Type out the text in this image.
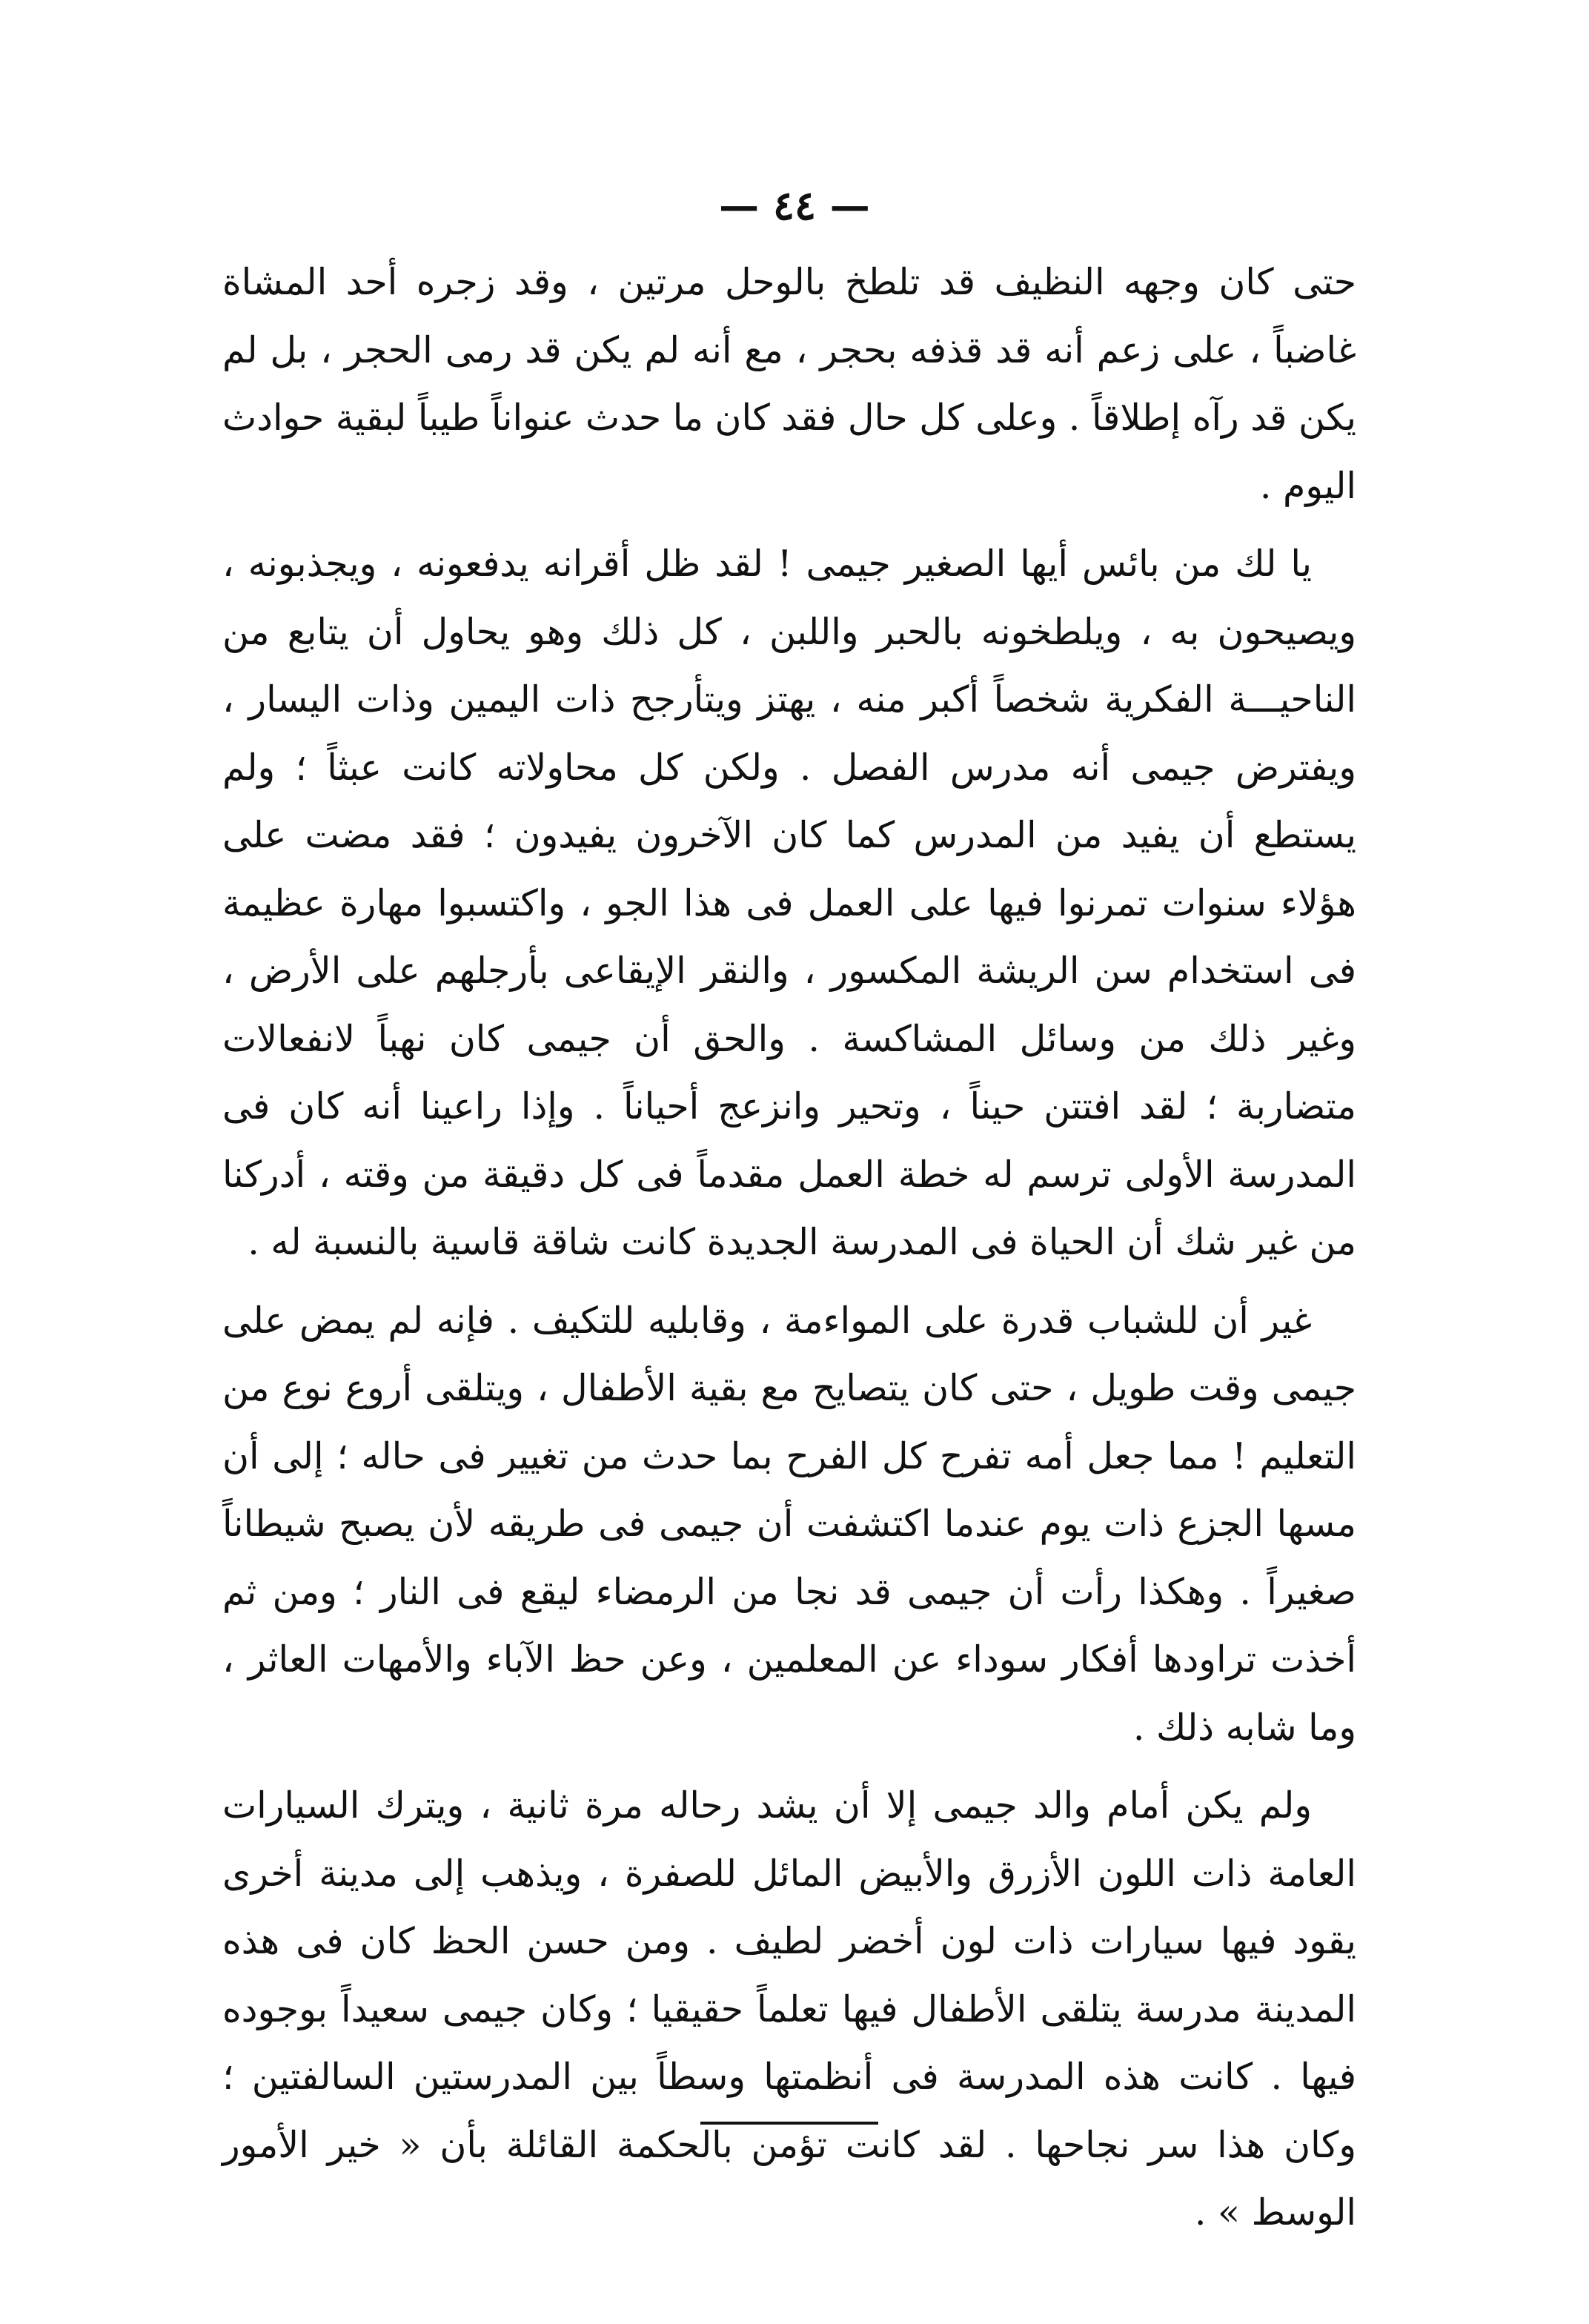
— ٤٤ —

حتى كان وجهه النظيف قد تلطخ بالوحل مرتين ، وقد زجره أحد المشاة غاضباً ، على زعم أنه قد قذفه بحجر ، مع أنه لم يكن قد رمى الحجر ، بل لم يكن قد رآه إطلاقاً . وعلى كل حال فقد كان ما حدث عنواناً طيباً لبقية حوادث اليوم .

يا لك من بائس أيها الصغير جيمى ! لقد ظل أقرانه يدفعونه ، ويجذبونه ، ويصيحون به ، ويلطخونه بالحبر واللبن ، كل ذلك وهو يحاول أن يتابع من الناحيـــة الفكرية شخصاً أكبر منه ، يهتز ويتأرجح ذات اليمين وذات اليسار ، ويفترض جيمى أنه مدرس الفصل . ولكن كل محاولاته كانت عبثاً ؛ ولم يستطع أن يفيد من المدرس كما كان الآخرون يفيدون ؛ فقد مضت على هؤلاء سنوات تمرنوا فيها على العمل فى هذا الجو ، واكتسبوا مهارة عظيمة فى استخدام سن الريشة المكسور ، والنقر الإيقاعى بأرجلهم على الأرض ، وغير ذلك من وسائل المشاكسة . والحق أن جيمى كان نهباً لانفعالات متضاربة ؛ لقد افتتن حيناً ، وتحير وانزعج أحياناً . وإذا راعينا أنه كان فى المدرسة الأولى ترسم له خطة العمل مقدماً فى كل دقيقة من وقته ، أدركنا من غير شك أن الحياة فى المدرسة الجديدة كانت شاقة قاسية بالنسبة له .

غير أن للشباب قدرة على المواءمة ، وقابليه للتكيف . فإنه لم يمض على جيمى وقت طويل ، حتى كان يتصايح مع بقية الأطفال ، ويتلقى أروع نوع من التعليم ! مما جعل أمه تفرح كل الفرح بما حدث من تغيير فى حاله ؛ إلى أن مسها الجزع ذات يوم عندما اكتشفت أن جيمى فى طريقه لأن يصبح شيطاناً صغيراً . وهكذا رأت أن جيمى قد نجا من الرمضاء ليقع فى النار ؛ ومن ثم أخذت تراودها أفكار سوداء عن المعلمين ، وعن حظ الآباء والأمهات العاثر ، وما شابه ذلك .

ولم يكن أمام والد جيمى إلا أن يشد رحاله مرة ثانية ، ويترك السيارات العامة ذات اللون الأزرق والأبيض المائل للصفرة ، ويذهب إلى مدينة أخرى يقود فيها سيارات ذات لون أخضر لطيف . ومن حسن الحظ كان فى هذه المدينة مدرسة يتلقى الأطفال فيها تعلماً حقيقيا ؛ وكان جيمى سعيداً بوجوده فيها . كانت هذه المدرسة فى أنظمتها وسطاً بين المدرستين السالفتين ؛ وكان هذا سر نجاحها . لقد كانت تؤمن بالحكمة القائلة بأن « خير الأمور الوسط » .
